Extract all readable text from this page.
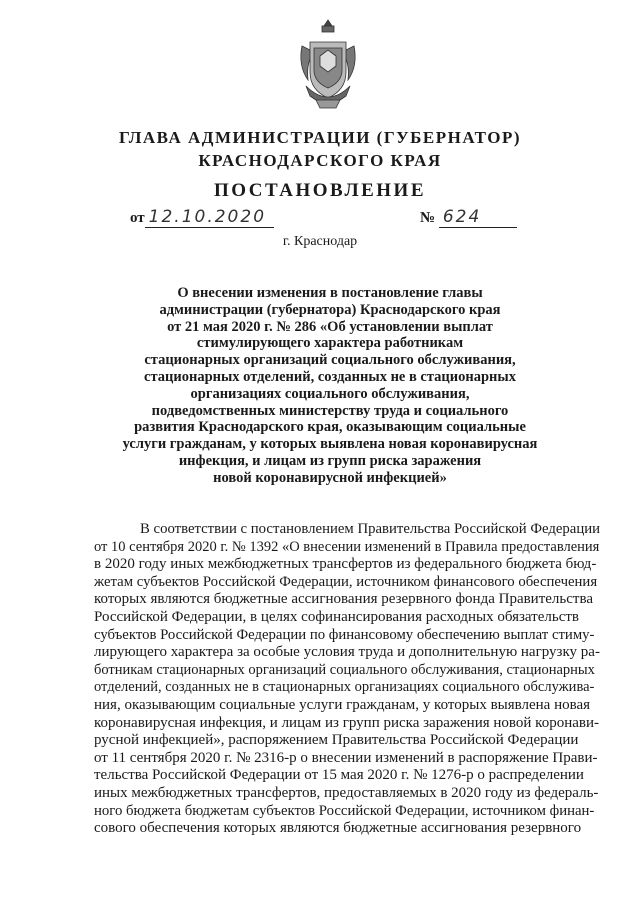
ГЛАВА АДМИНИСТРАЦИИ (ГУБЕРНАТОР)
КРАСНОДАРСКОГО КРАЯ
ПОСТАНОВЛЕНИЕ
от 12.10.2020	№ 624
г. Краснодар
О внесении изменения в постановление главы
администрации (губернатора) Краснодарского края
от 21 мая 2020 г. № 286 «Об установлении выплат
стимулирующего характера работникам
стационарных организаций социального обслуживания,
стационарных отделений, созданных не в стационарных
организациях социального обслуживания,
подведомственных министерству труда и социального
развития Краснодарского края, оказывающим социальные
услуги гражданам, у которых выявлена новая коронавирусная
инфекция, и лицам из групп риска заражения
новой коронавирусной инфекцией»
В соответствии с постановлением Правительства Российской Федерации
от 10 сентября 2020 г. № 1392 «О внесении изменений в Правила предоставления
в 2020 году иных межбюджетных трансфертов из федерального бюджета бюд-
жетам субъектов Российской Федерации, источником финансового обеспечения
которых являются бюджетные ассигнования резервного фонда Правительства
Российской Федерации, в целях софинансирования расходных обязательств
субъектов Российской Федерации по финансовому обеспечению выплат стиму-
лирующего характера за особые условия труда и дополнительную нагрузку ра-
ботникам стационарных организаций социального обслуживания, стационарных
отделений, созданных не в стационарных организациях социального обслужива-
ния, оказывающим социальные услуги гражданам, у которых выявлена новая
коронавирусная инфекция, и лицам из групп риска заражения новой коронави-
русной инфекцией», распоряжением Правительства Российской Федерации
от 11 сентября 2020 г. № 2316-р о внесении изменений в распоряжение Прави-
тельства Российской Федерации от 15 мая 2020 г. № 1276-р о распределении
иных межбюджетных трансфертов, предоставляемых в 2020 году из федераль-
ного бюджета бюджетам субъектов Российской Федерации, источником финан-
сового обеспечения которых являются бюджетные ассигнования резервного
